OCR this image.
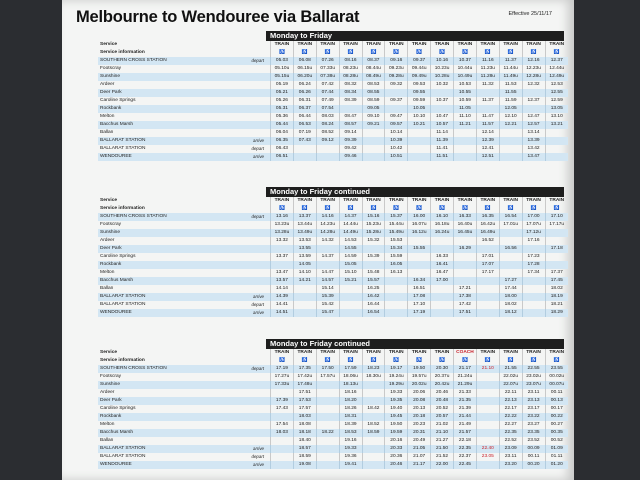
Melbourne to Wendouree via Ballarat	Effective 25/11/17
Monday to Friday
Service		TRAIN	TRAIN	TRAIN	TRAIN	TRAIN	TRAIN	TRAIN	TRAIN	TRAIN	TRAIN	TRAIN	TRAIN	TRAIN
Service information		♿	♿	♿	♿	♿	♿	♿	♿	♿	♿	♿	♿	♿
SOUTHERN CROSS STATION	depart	05.03	06.08	07.26	08.16	08.37	09.16	09.37	10.16	10.37	11.16	11.37	12.16	12.37
Footscray		05.10u	06.15u	07.33u	08.23u	08.44u	09.23u	09.44u	10.23u	10.44u	11.23u	11.44u	12.23u	12.44u
Sunshine		05.15u	06.20u	07.38u	08.28u	08.49u	09.28u	09.49u	10.28u	10.49u	11.28u	11.49u	12.28u	12.49u
Ardeer		05.19	06.24	07.42	08.32	08.53	09.32	09.53	10.32	10.53	11.32	11.53	12.32	12.53
Deer Park		05.21	06.26	07.44	08.34	08.55		09.55		10.55		11.55		12.55
Caroline Springs		05.26	06.31	07.49	08.39	08.59	09.37	09.59	10.37	10.59	11.37	11.59	12.37	12.59
Rockbank		05.31	06.37	07.54		09.05		10.05		11.05		12.05		13.05
Melton		05.36	06.44	08.03	08.47	09.10	09.47	10.10	10.47	11.10	11.47	12.10	12.47	13.10
Bacchus Marsh		05.44	06.53	08.24	08.57	09.21	09.57	10.21	10.57	11.21	11.57	12.21	12.57	13.21
Ballan		06.04	07.19	08.52	09.14		10.14		11.14		12.14		13.14	
BALLARAT STATION	arrive	06.35	07.43	09.12	09.39		10.39		11.39		12.39		13.39	
BALLARAT STATION	depart	06.43			09.42		10.42		11.41		12.41		13.42	
WENDOUREE	arrive	06.51			09.46		10.51		11.51		12.51		13.47	
Monday to Friday continued
Service		TRAIN	TRAIN	TRAIN	TRAIN	TRAIN	TRAIN	TRAIN	TRAIN	TRAIN	TRAIN	TRAIN	TRAIN	TRAIN
Service information		♿	♿	♿	♿	♿	♿	♿	♿	♿	♿	♿	♿	♿
SOUTHERN CROSS STATION	depart	13.16	13.37	14.16	14.37	15.16	15.37	16.00	16.10	16.33	16.35	16.54	17.00	17.10
Footscray		13.23u	13.44u	14.23u	14.44u	15.23u	15.44u	16.07u	16.18u	16.40u	16.42u	17.01u	17.07u	17.17u
Sunshine		13.28u	13.49u	14.28u	14.49u	15.28u	15.49u	16.12u	16.24u	16.45u	16.49u		17.12u	
Ardeer		13.32	13.53	14.32	14.53	15.32	15.53				16.52		17.16	
Deer Park			13.55		14.55		15.34	15.55		16.29		16.56		17.18
Caroline Springs		13.37	13.59	14.37	14.59	15.39	15.59		16.33		17.01		17.23	
Rockbank			14.05		15.05		16.05		16.41		17.07		17.28	
Melton		13.47	14.10	14.47	15.10	15.48	16.13		16.47		17.17		17.34	17.37
Bacchus Marsh		13.57	14.21	14.57	15.21	15.57		16.34	17.00			17.27		17.45
Ballan		14.14		15.14		16.25		16.51		17.21		17.44		18.02
BALLARAT STATION	arrive	14.39		15.39		16.42		17.08		17.38		18.00		18.19
BALLARAT STATION	depart	14.41		15.42		16.44		17.10		17.42		18.02		18.21
WENDOUREE	arrive	14.51		15.47		16.54		17.19		17.51		18.12		18.29
Monday to Friday continued
Service		TRAIN	TRAIN	TRAIN	TRAIN	TRAIN	TRAIN	TRAIN	TRAIN	COACH	TRAIN	TRAIN	TRAIN	TRAIN
Service information		♿	♿	♿	♿	♿	♿	♿	♿	♿	♿	♿	♿	♿
SOUTHERN CROSS STATION	depart	17.19	17.35	17.50	17.59	18.23	19.17	19.50	20.30	21.17	21.10	21.55	22.55	23.55
Footscray		17.27u	17.42u	17.57u	18.06u	18.30u	19.24u	19.57u	20.37u	21.24u		22.02u	23.02u	00.02u
Sunshine		17.33u	17.48u		18.13u		19.29u	20.02u	20.42u	21.29u		22.07u	23.07u	00.07u
Ardeer			17.51		18.16		19.33	20.06	20.46	21.33		22.11	23.11	00.11
Deer Park		17.39	17.53		18.20		19.35	20.08	20.48	21.35		22.13	23.13	00.13
Caroline Springs		17.43	17.57		18.26	18.42	19.40	20.13	20.52	21.39		22.17	23.17	00.17
Rockbank			18.03		18.31		19.45	20.18	20.57	21.44		22.22	23.22	00.22
Melton		17.54	18.08		18.39	18.52	19.50	20.23	21.02	21.49		22.27	23.27	00.27
Bacchus Marsh		18.03	18.18	18.22	18.53	18.59	19.59	20.31	21.10	21.57		22.35	23.35	00.35
Ballan			18.40		19.16		20.16	20.49	21.27	22.18		22.52	23.52	00.52
BALLARAT STATION	arrive		18.57		19.33		20.33	21.05	21.50	22.35	22.40	23.09	00.09	01.09
BALLARAT STATION	depart		18.59		19.36		20.36	21.07	21.52	22.37	23.05	23.11	00.11	01.11
WENDOUREE	arrive		19.08		19.41		20.46	21.17	22.00	22.45		23.20	00.20	01.20
